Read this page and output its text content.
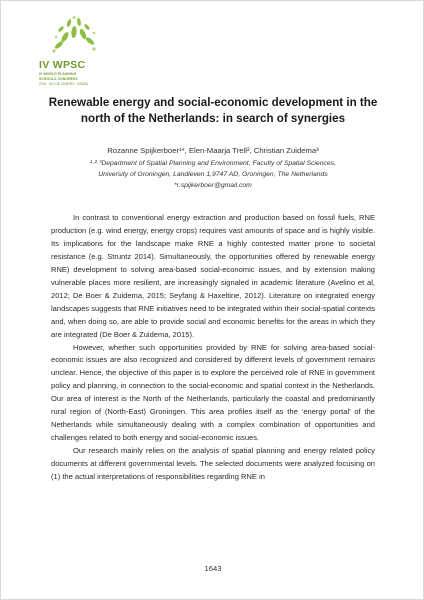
IV WPSC
IV WORLD PLANNING
SCHOOLS CONGRESS
2016 · RIO DE JANEIRO · BRASIL
Renewable energy and social-economic development in the
north of the Netherlands: in search of synergies
Rozanne Spijkerboer¹*, Elen-Maarja Trell², Christian Zuidema³
¹·²·³Department of Spatial Planning and Environment, Faculty of Spatial Sciences,
University of Groningen, Landleven 1,9747 AD, Groningen, The Netherlands
*r.spijkerboer@gmail.com

In contrast to conventional energy extraction and production based on fossil fuels, RNE production (e.g. wind energy, energy crops) requires vast amounts of space and is highly visible. Its implications for the landscape make RNE a highly contested matter prone to societal resistance (e.g. Struntz 2014). Simultaneously, the opportunities offered by renewable energy RNE) development to solving area-based social-economic issues, and by extension making vulnerable places more resilient, are increasingly signaled in academic literature (Avelino et al, 2012; De Boer & Zuidema, 2015; Seyfang & Haxeltine, 2012). Literature on integrated energy landscapes suggests that RNE initiatives need to be integrated within their social-spatial contexts and, when doing so, are able to provide social and economic benefits for the areas in which they are integrated (De Boer & Zuidema, 2015).

However, whether such opportunities provided by RNE for solving area-based social-economic issues are also recognized and considered by different levels of government remains unclear. Hence, the objective of this paper is to explore the perceived role of RNE in government policy and planning, in connection to the social-economic and spatial context in the Netherlands. Our area of interest is the North of the Netherlands, particularly the coastal and predominantly rural region of (North-East) Groningen. This area profiles itself as the ‘energy portal’ of the Netherlands while simultaneously dealing with a complex combination of opportunities and challenges related to both energy and social-economic issues.

Our research mainly relies on the analysis of spatial planning and energy related policy documents at different governmental levels. The selected documents were analyzed focusing on (1) the actual interpretations of responsibilities regarding RNE in

1643
